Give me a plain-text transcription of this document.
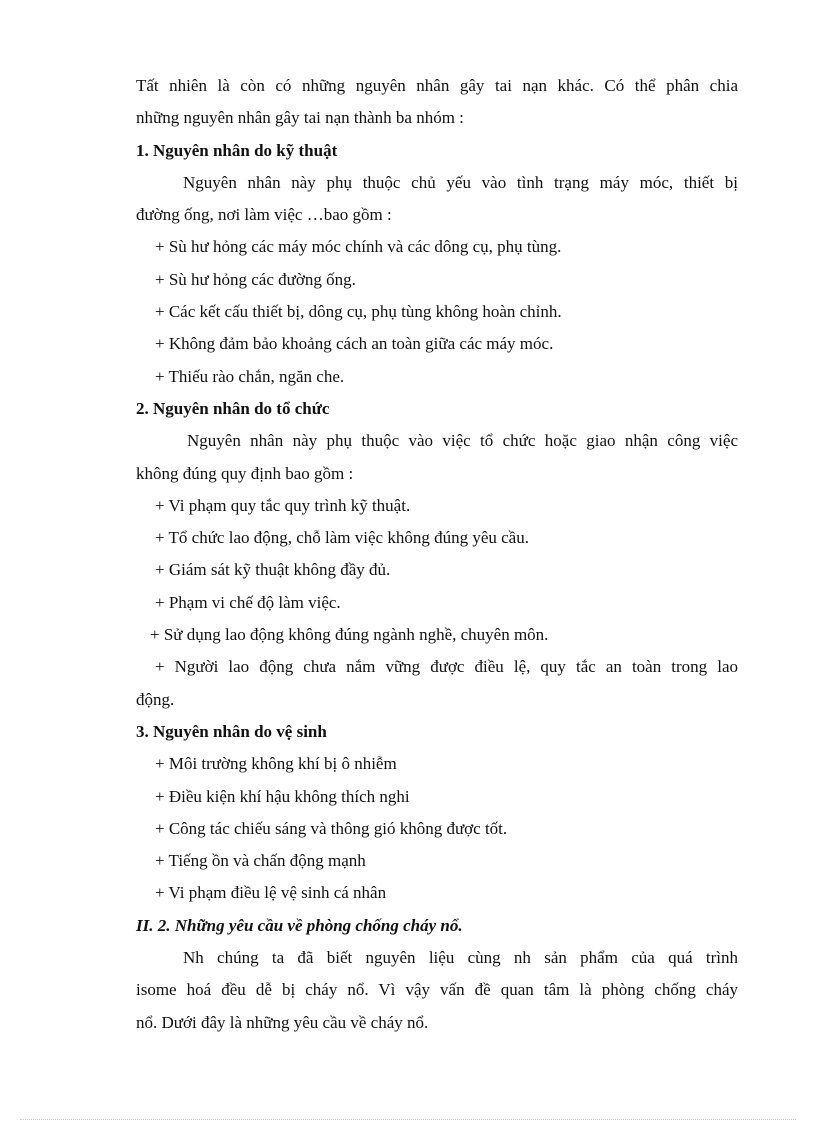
Tất nhiên là còn có những nguyên nhân gây tai nạn khác. Có thể phân chia

những nguyên nhân gây tai nạn thành ba nhóm :

1. Nguyên nhân do kỹ thuật

Nguyên nhân này phụ thuộc chủ yếu vào tình trạng máy móc, thiết bị

đường ống, nơi làm việc …bao gồm :

+ Sù hư hỏng các máy móc chính và các dông cụ, phụ tùng.

+ Sù hư hỏng các đường ống.

+ Các kết cấu thiết bị, dông cụ, phụ tùng không hoàn chỉnh.

+ Không đảm bảo khoảng cách an toàn giữa các máy móc.

+ Thiếu rào chắn, ngăn che.

2. Nguyên nhân do tổ chức

Nguyên nhân này phụ thuộc vào việc tổ chức hoặc giao nhận công việc

không đúng quy định bao gồm :

+ Vi phạm quy tắc quy trình kỹ thuật.

+ Tổ chức lao động, chỗ làm việc không đúng yêu cầu.

+ Giám sát kỹ thuật không đầy đủ.

+ Phạm vi chế độ làm việc.

+ Sử dụng lao động không đúng ngành nghề, chuyên môn.

+ Người lao động chưa nắm vững được điều lệ, quy tắc an toàn trong lao

động.

3. Nguyên nhân do vệ sinh

+ Môi trường không khí bị ô nhiễm

+ Điều kiện khí hậu không thích nghi

+ Công tác chiếu sáng và thông gió không được tốt.

+ Tiếng ồn và chấn động mạnh

+ Vi phạm điều lệ vệ sinh cá nhân

II. 2. Những yêu cầu về phòng chống cháy nổ.

Nh chúng ta đã biết nguyên liệu cùng nh sản phẩm của quá trình

isome hoá đều dễ bị cháy nổ. Vì vậy vấn đề quan tâm là phòng chống cháy

nổ. Dưới đây là những yêu cầu về cháy nổ.
